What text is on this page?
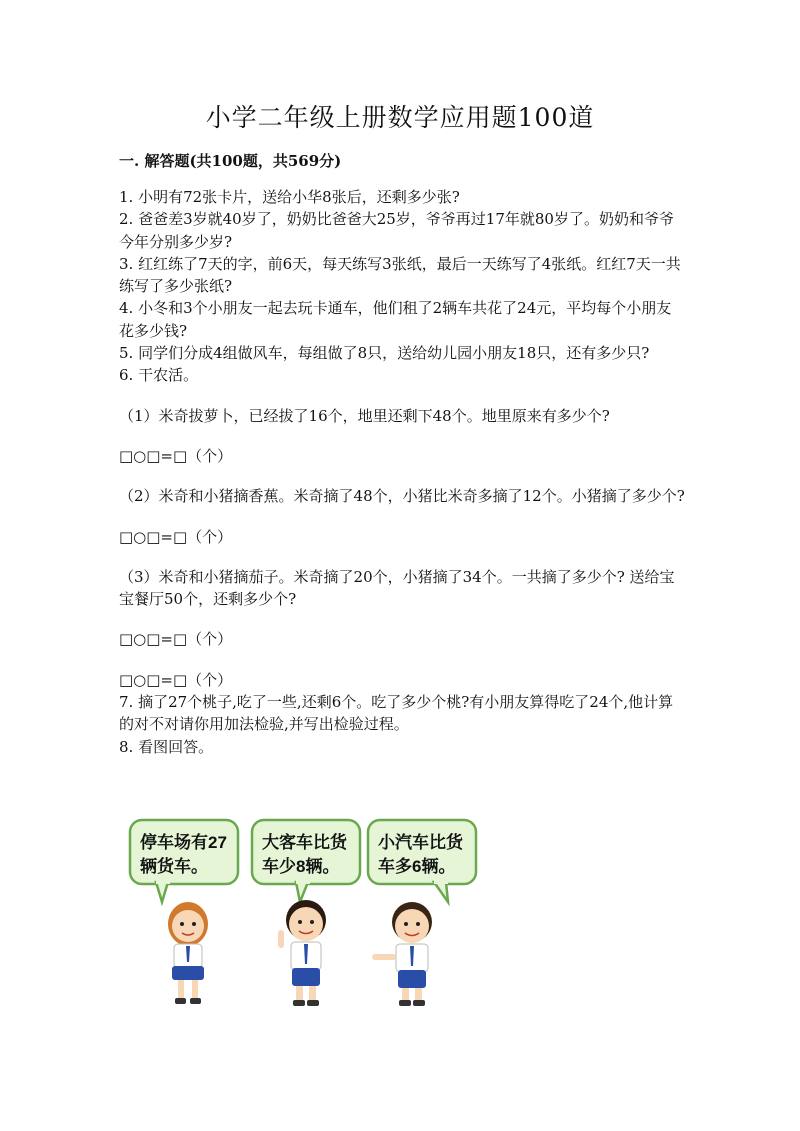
小学二年级上册数学应用题100道
一. 解答题(共100题，共569分)

1. 小明有72张卡片，送给小华8张后，还剩多少张?

2. 爸爸差3岁就40岁了，奶奶比爸爸大25岁，爷爷再过17年就80岁了。奶奶和爷爷今年分别多少岁?

3. 红红练了7天的字，前6天，每天练写3张纸，最后一天练写了4张纸。红红7天一共练写了多少张纸?

4. 小冬和3个小朋友一起去玩卡通车，他们租了2辆车共花了24元，平均每个小朋友花多少钱?

5. 同学们分成4组做风车，每组做了8只，送给幼儿园小朋友18只，还有多少只?

6. 干农活。

（1）米奇拔萝卜，已经拔了16个，地里还剩下48个。地里原来有多少个?

□○□=□（个）

（2）米奇和小猪摘香蕉。米奇摘了48个，小猪比米奇多摘了12个。小猪摘了多少个?

□○□=□（个）

（3）米奇和小猪摘茄子。米奇摘了20个，小猪摘了34个。一共摘了多少个? 送给宝宝餐厅50个，还剩多少个?

□○□=□（个）

□○□=□（个）

7. 摘了27个桃子,吃了一些,还剩6个。吃了多少个桃?有小朋友算得吃了24个,他计算的对不对请你用加法检验,并写出检验过程。

8. 看图回答。

停车场有27
辆货车。
大客车比货
车少8辆。
小汽车比货
车多6辆。
